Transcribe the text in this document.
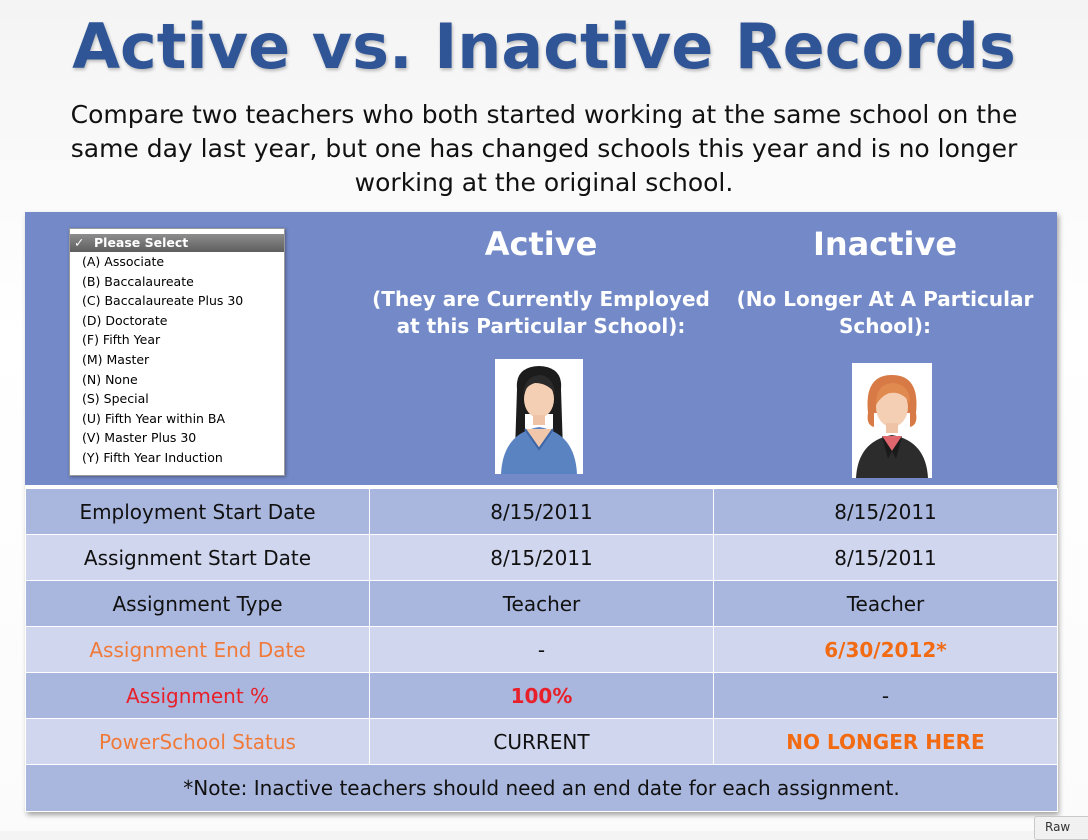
Active vs. Inactive Records
Compare two teachers who both started working at the same school on the same day last year, but one has changed schools this year and is no longer working at the original school.
✓ Please Select
(A) Associate
(B) Baccalaureate
(C) Baccalaureate Plus 30
(D) Doctorate
(F) Fifth Year
(M) Master
(N) None
(S) Special
(U) Fifth Year within BA
(V) Master Plus 30
(Y) Fifth Year Induction
Active
(They are Currently Employed
at this Particular School):
Inactive
(No Longer At A Particular
School):
Employment Start Date	8/15/2011	8/15/2011
Assignment Start Date	8/15/2011	8/15/2011
Assignment Type	Teacher	Teacher
Assignment End Date	-	6/30/2012*
Assignment %	100%	-
PowerSchool Status	CURRENT	NO LONGER HERE
*Note: Inactive teachers should need an end date for each assignment.		
Raw
